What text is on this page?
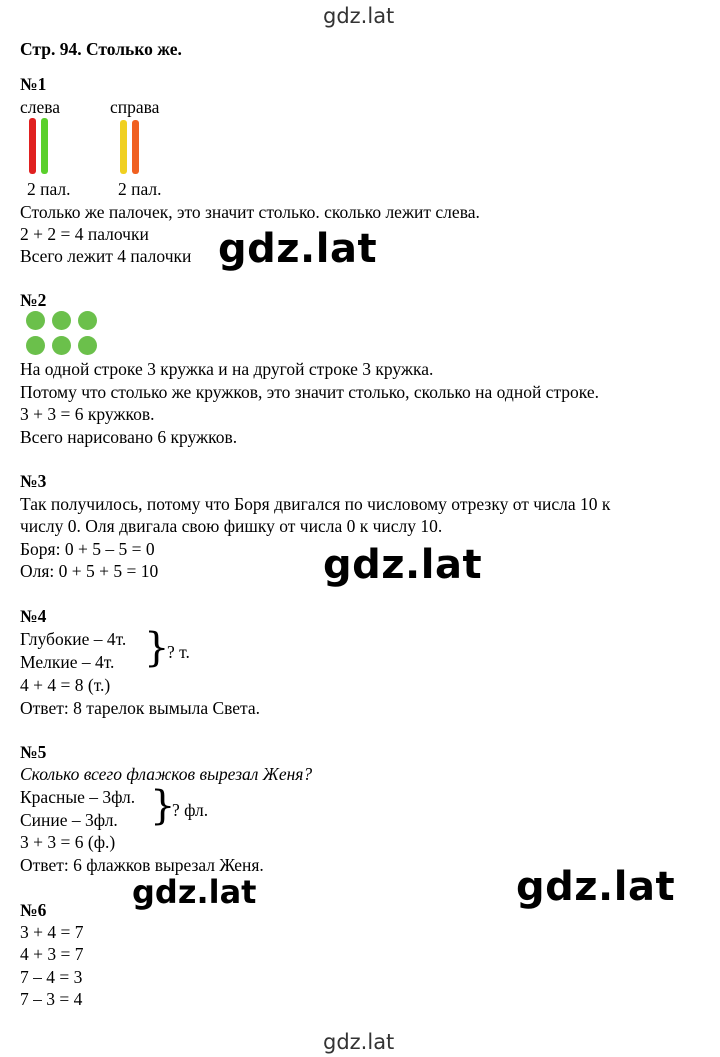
gdz.lat
Стр. 94. Столько же.
№1
слева	справа
2 пал.	2 пал.
Столько же палочек, это значит столько. сколько лежит слева.
2 + 2 = 4 палочки
Всего лежит 4 палочки gdz.lat
№2
На одной строке 3 кружка и на другой строке 3 кружка.
Потому что столько же кружков, это значит столько, сколько на одной строке.
3 + 3 = 6 кружков.
Всего нарисовано 6 кружков.
№3
Так получилось, потому что Боря двигался по числовому отрезку от числа 10 к
числу 0. Оля двигала свою фишку от числа 0 к числу 10.
Боря: 0 + 5 – 5 = 0
Оля: 0 + 5 + 5 = 10	gdz.lat
№4
Глубокие – 4т.
Мелкие – 4т. }
? т.
4 + 4 = 8 (т.)
Ответ: 8 тарелок вымыла Света.
№5
Сколько всего флажков вырезал Женя?
Красные – 3фл.
Синие – 3фл. }
? фл.
3 + 3 = 6 (ф.)
Ответ: 6 флажков вырезал Женя.
gdz.lat	gdz.lat
№6
3 + 4 = 7
4 + 3 = 7
7 – 4 = 3
7 – 3 = 4
gdz.lat
